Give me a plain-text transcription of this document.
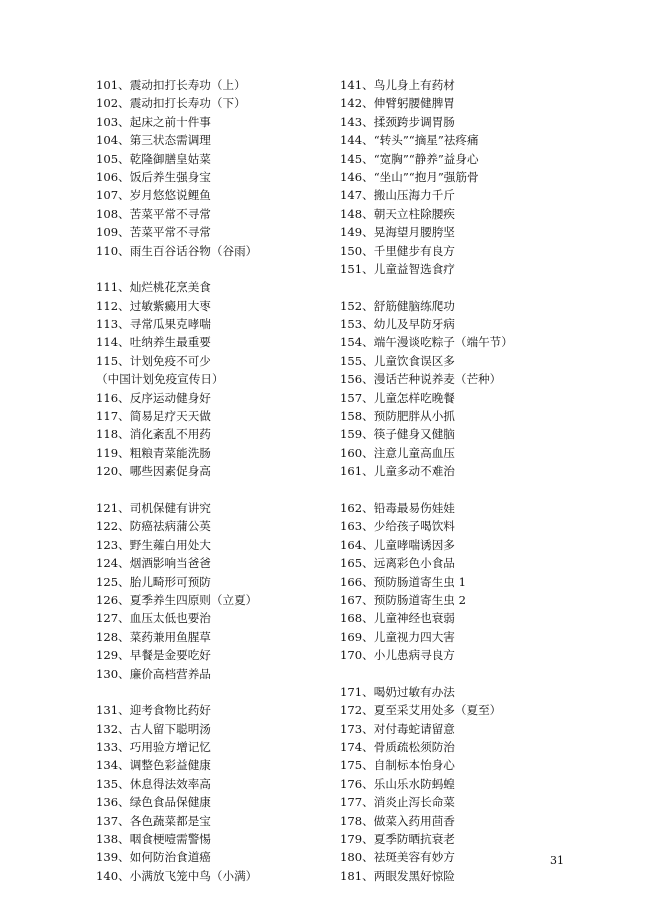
101、震动扣打长寿功（上）
102、震动扣打长寿功（下）
103、起床之前十件事
104、第三状态需调理
105、乾隆御膳皇姑菜
106、饭后养生强身宝
107、岁月悠悠说鲤鱼
108、苦菜平常不寻常
109、苦菜平常不寻常
110、雨生百谷话谷物（谷雨）
111、灿烂桃花烹美食
112、过敏紫癜用大枣
113、寻常瓜果克哮喘
114、吐纳养生最重要
115、计划免疫不可少
（中国计划免疫宣传日）
116、反序运动健身好
117、简易足疗天天做
118、消化紊乱不用药
119、粗粮青菜能洗肠
120、哪些因素促身高
121、司机保健有讲究
122、防癌祛病蒲公英
123、野生蕹白用处大
124、烟酒影响当爸爸
125、胎儿畸形可预防
126、夏季养生四原则（立夏）
127、血压太低也要治
128、菜药兼用鱼腥草
129、早餐是金要吃好
130、廉价高档营养品
131、迎考食物比药好
132、古人留下聪明汤
133、巧用验方增记忆
134、调整色彩益健康
135、休息得法效率高
136、绿色食品保健康
137、各色蔬菜都是宝
138、咽食梗噎需警惕
139、如何防治食道癌
140、小满放飞笼中鸟（小满）
141、鸟儿身上有药材
142、伸臂躬腰健脾胃
143、揉颈跨步调胃肠
144、“转头”“摘星”祛疼痛
145、“宽胸”“静养”益身心
146、“坐山”“抱月”强筋骨
147、搬山压海力千斤
148、朝天立柱除腰疾
149、晃海望月腰胯坚
150、千里健步有良方
151、儿童益智选食疗
152、舒筋健脑练爬功
153、幼儿及早防牙病
154、端午漫谈吃粽子（端午节）
155、儿童饮食误区多
156、漫话芒种说养麦（芒种）
157、儿童怎样吃晚餐
158、预防肥胖从小抓
159、筷子健身又健脑
160、注意儿童高血压
161、儿童多动不难治
162、铅毒最易伤娃娃
163、少给孩子喝饮料
164、儿童哮喘诱因多
165、远离彩色小食品
166、预防肠道寄生虫 1
167、预防肠道寄生虫 2
168、儿童神经也衰弱
169、儿童视力四大害
170、小儿患病寻良方
171、喝奶过敏有办法
172、夏至采艾用处多（夏至）
173、对付毒蛇请留意
174、骨质疏松须防治
175、自制标本怡身心
176、乐山乐水防蚂蝗
177、消炎止泻长命菜
178、做菜入药用茴香
179、夏季防晒抗衰老
180、祛斑美容有妙方
181、两眼发黑好惊险
31
